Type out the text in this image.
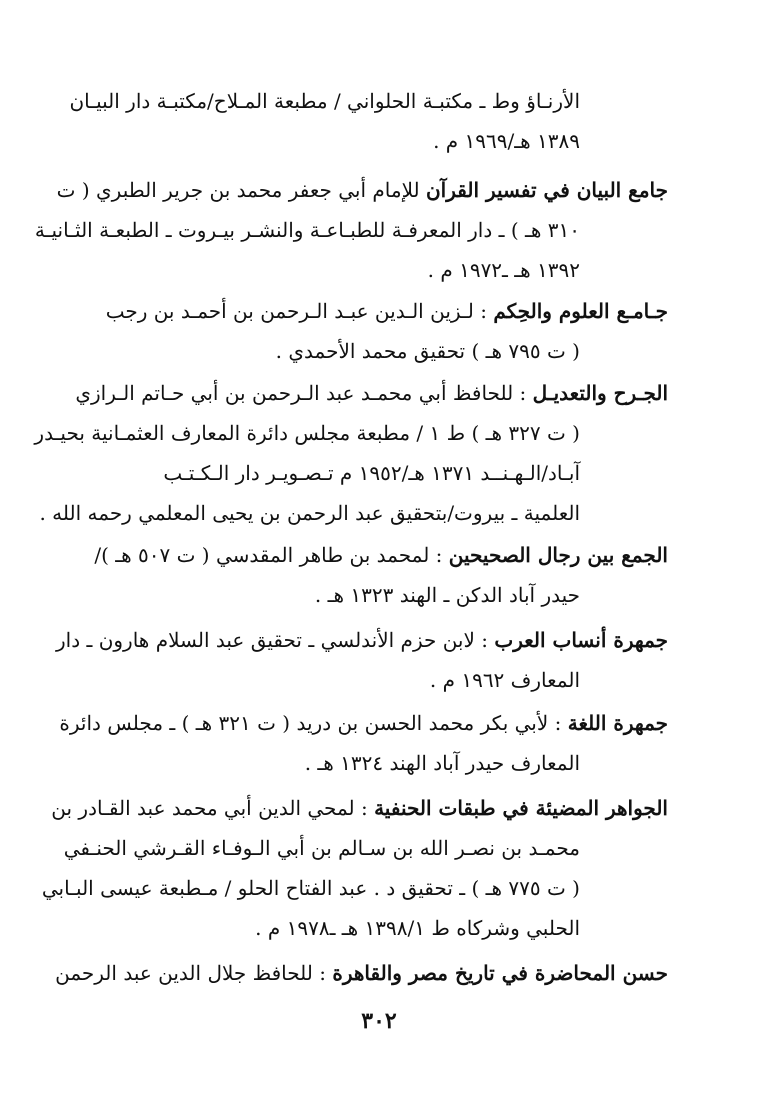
الأرنـاؤ وط ـ مكتبـة الحلواني / مطبعة المـلاح/مكتبـة دار البيـان
١٣٨٩ هـ/١٩٦٩ م .
جامع البيان في تفسير القرآن للإمام أبي جعفر محمد بن جرير الطبري ( ت
٣١٠ هـ ) ـ دار المعرفـة للطبـاعـة والنشـر بيـروت ـ الطبعـة الثـانيـة
١٣٩٢ هـ ـ١٩٧٢ م .
جـامـع العلوم والحِكم : لـزين الـدين عبـد الـرحمن بن أحمـد بن رجب
( ت ٧٩٥ هـ ) تحقيق محمد الأحمدي .
الجـرح والتعديـل : للحافظ أبي محمـد عبد الـرحمن بن أبي حـاتم الـرازي
( ت ٣٢٧ هـ ) ط ١ / مطبعة مجلس دائرة المعارف العثمـانية بحيـدر
آبـاد/الـهـنــد ١٣٧١ هـ/١٩٥٢ م تـصـويـر دار الـكـتـب
العلمية ـ بيروت/بتحقيق عبد الرحمن بن يحيى المعلمي رحمه الله .
الجمع بين رجال الصحيحين : لمحمد بن طاهر المقدسي ( ت ٥٠٧ هـ )/
حيدر آباد الدكن ـ الهند ١٣٢٣ هـ .
جمهرة أنساب العرب : لابن حزم الأندلسي ـ تحقيق عبد السلام هارون ـ دار
المعارف ١٩٦٢ م .
جمهرة اللغة : لأبي بكر محمد الحسن بن دريد ( ت ٣٢١ هـ ) ـ مجلس دائرة
المعارف حيدر آباد الهند ١٣٢٤ هـ .
الجواهر المضيئة في طبقات الحنفية : لمحي الدين أبي محمد عبد القـادر بن
محمـد بن نصـر الله بن سـالم بن أبي الـوفـاء القـرشي الحنـفي
( ت ٧٧٥ هـ ) ـ تحقيق د . عبد الفتاح الحلو / مـطبعة عيسى البـابي
الحلبي وشركاه ط ١٣٩٨/١ هـ ـ١٩٧٨ م .
حسن المحاضرة في تاريخ مصر والقاهرة : للحافظ جلال الدين عبد الرحمن
٣٠٢
